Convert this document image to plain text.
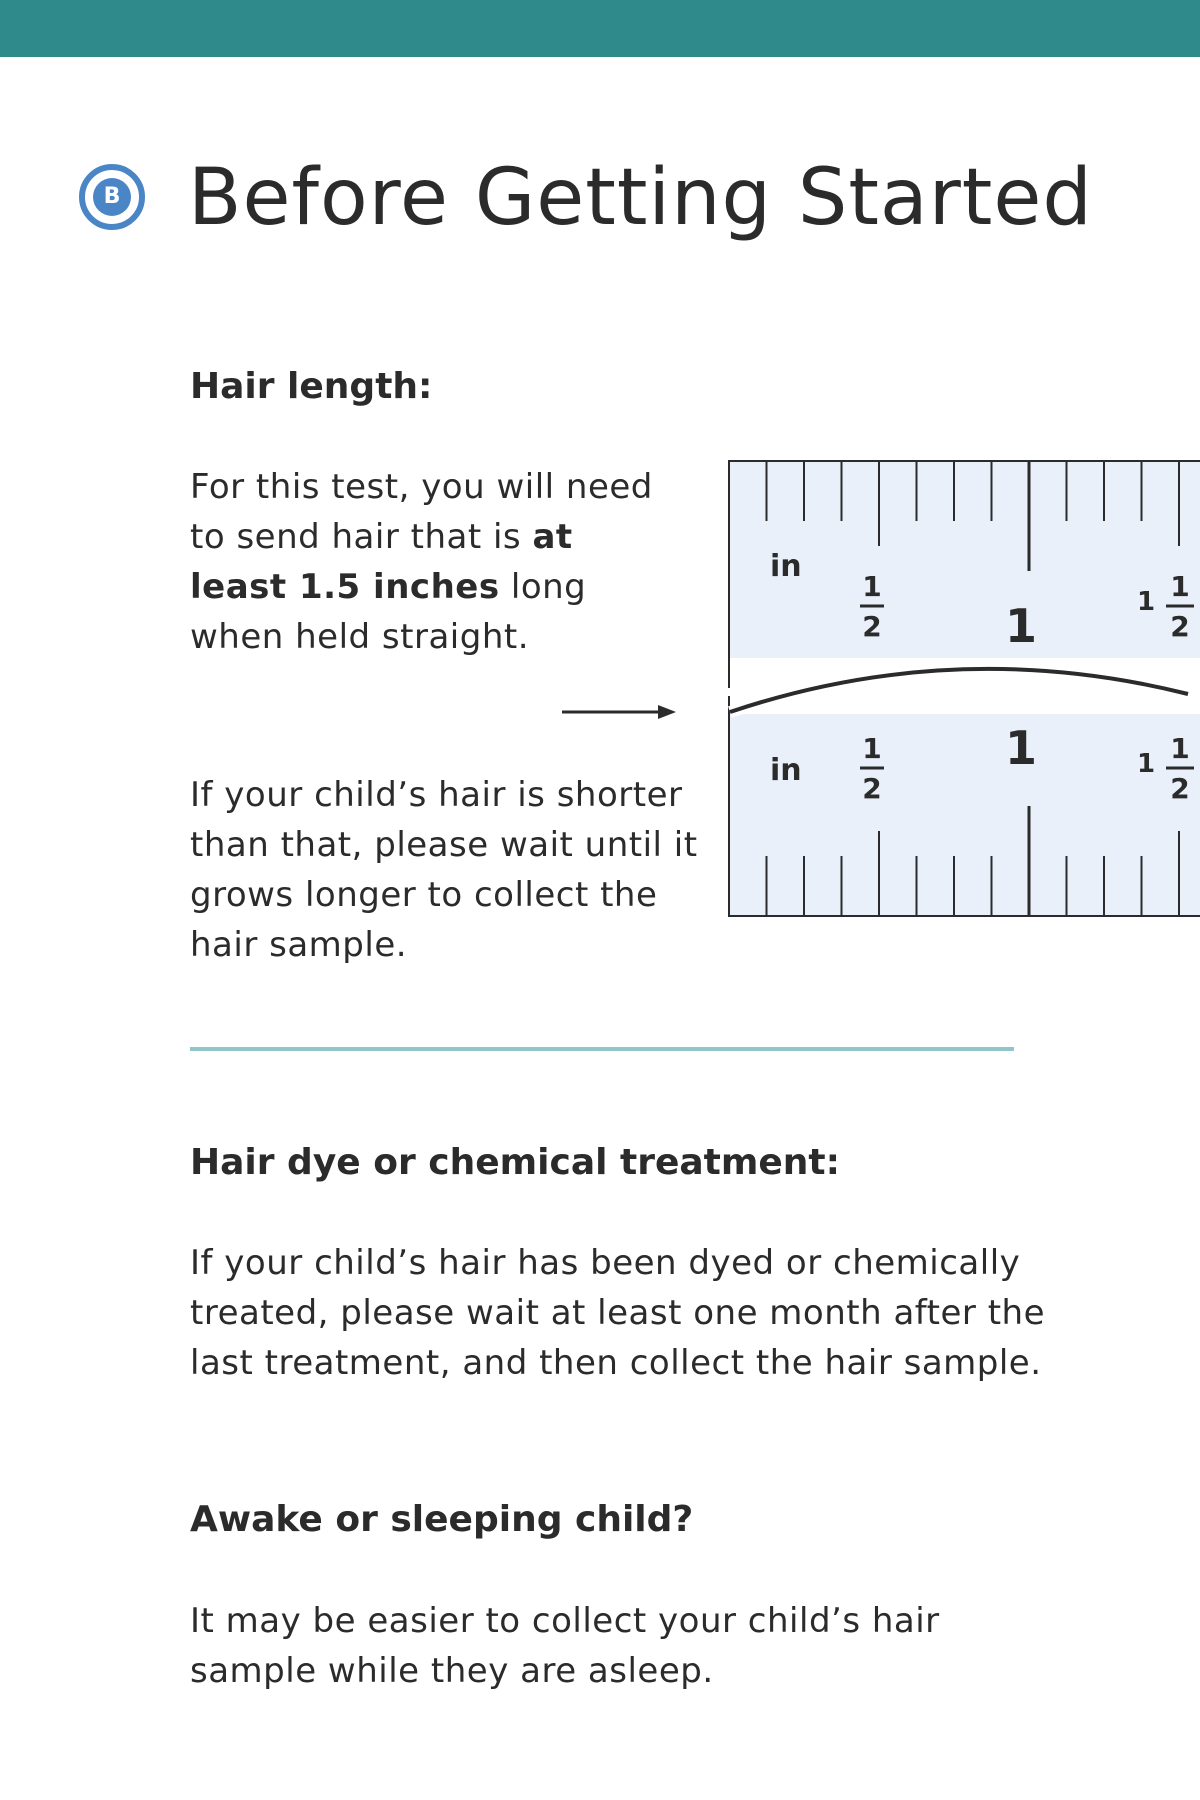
B Before Getting Started
Hair length:

For this test, you will need to send hair that is at least 1.5 inches long when held straight.

If your child’s hair is shorter than that, please wait until it grows longer to collect the hair sample.

in
1
2	1	1 1
2
in
1
2
1	1 1
2
Hair dye or chemical treatment:

If your child’s hair has been dyed or chemically treated, please wait at least one month after the last treatment, and then collect the hair sample.

Awake or sleeping child?

It may be easier to collect your child’s hair sample while they are asleep.
